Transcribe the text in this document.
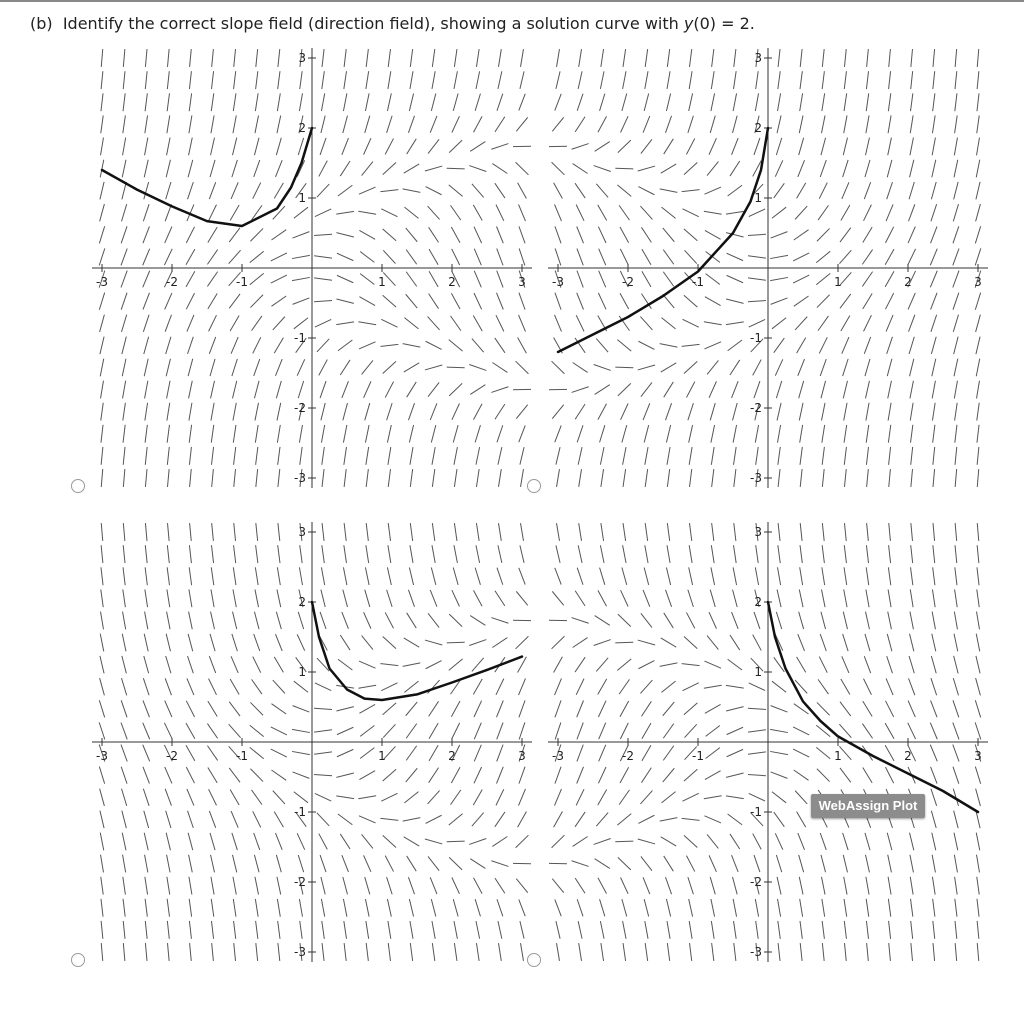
(b) Identify the correct slope field (direction field), showing a solution curve with y(0) = 2.
-3	-2	-1	1	2	3
3
2
1
-1
-2
-3
-3	-2	-1	1	2	3
3
2
1
-1
-2
-3
-3	-2	-1	1	2	3
3
2
1
-1
-2
-3
-3	-2	-1	1	2	3
3
2
1
-1
-2
-3
WebAssign Plot
